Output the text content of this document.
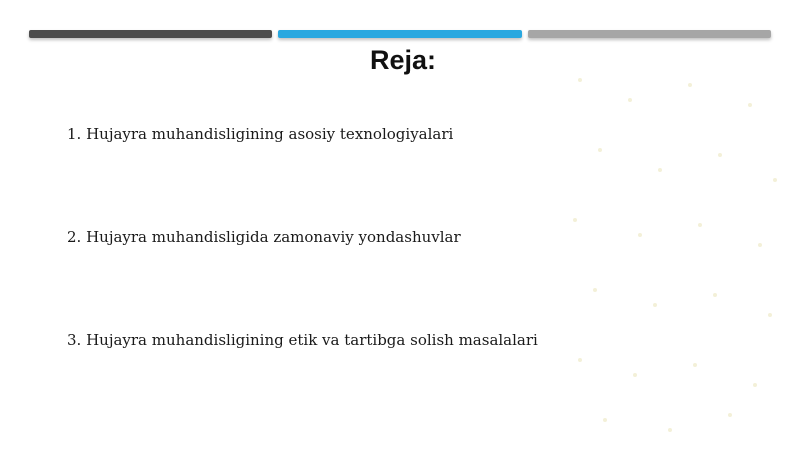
Reja:
1. Hujayra muhandisligining asosiy texnologiyalari
2. Hujayra muhandisligida zamonaviy yondashuvlar
3. Hujayra muhandisligining etik va tartibga solish masalalari
